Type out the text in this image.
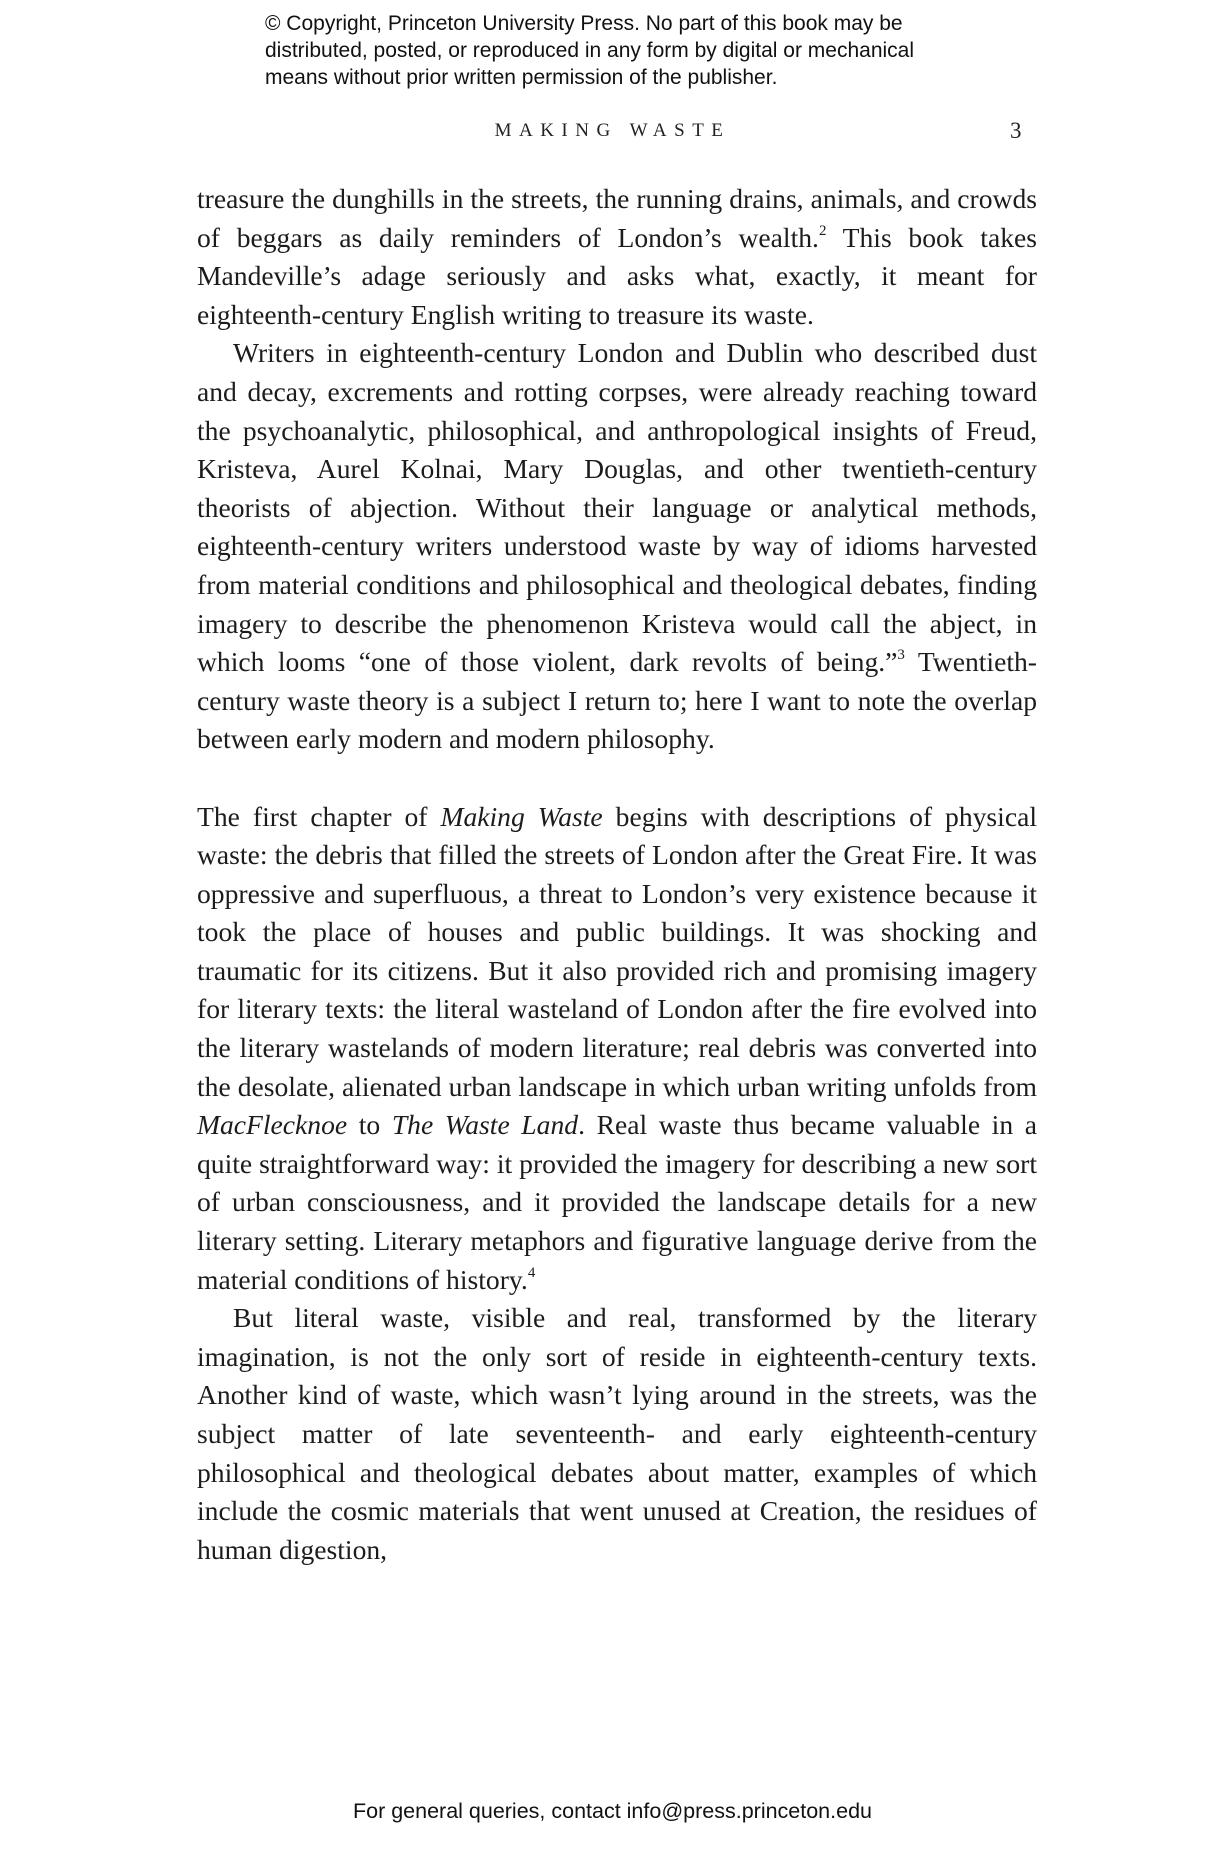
© Copyright, Princeton University Press. No part of this book may be
distributed, posted, or reproduced in any form by digital or mechanical
means without prior written permission of the publisher.
MAKING WASTE	3

treasure the dunghills in the streets, the running drains, animals, and crowds of beggars as daily reminders of London’s wealth.$^2$ This book takes Mandeville’s adage seriously and asks what, exactly, it meant for eighteenth-century English writing to treasure its waste.

Writers in eighteenth-century London and Dublin who described dust and decay, excrements and rotting corpses, were already reaching toward the psychoanalytic, philosophical, and anthropological insights of Freud, Kristeva, Aurel Kolnai, Mary Douglas, and other twentieth-century theorists of abjection. Without their language or analytical methods, eighteenth-century writers understood waste by way of idioms harvested from material conditions and philosophical and theological debates, finding imagery to describe the phenomenon Kristeva would call the abject, in which looms “one of those violent, dark revolts of being.”$^3$ Twentieth-century waste theory is a subject I return to; here I want to note the overlap between early modern and modern philosophy.

The first chapter of Making Waste begins with descriptions of physical waste: the debris that filled the streets of London after the Great Fire. It was oppressive and superfluous, a threat to London’s very existence because it took the place of houses and public buildings. It was shocking and traumatic for its citizens. But it also provided rich and promising imagery for literary texts: the literal wasteland of London after the fire evolved into the literary wastelands of modern literature; real debris was converted into the desolate, alienated urban landscape in which urban writing unfolds from MacFlecknoe to The Waste Land. Real waste thus became valuable in a quite straightforward way: it provided the imagery for describing a new sort of urban consciousness, and it provided the landscape details for a new literary setting. Literary metaphors and figurative language derive from the material conditions of history.$^4$

But literal waste, visible and real, transformed by the literary imagination, is not the only sort of reside in eighteenth-century texts. Another kind of waste, which wasn’t lying around in the streets, was the subject matter of late seventeenth- and early eighteenth-century philosophical and theological debates about matter, examples of which include the cosmic materials that went unused at Creation, the residues of human digestion,

For general queries, contact info@press.princeton.edu
